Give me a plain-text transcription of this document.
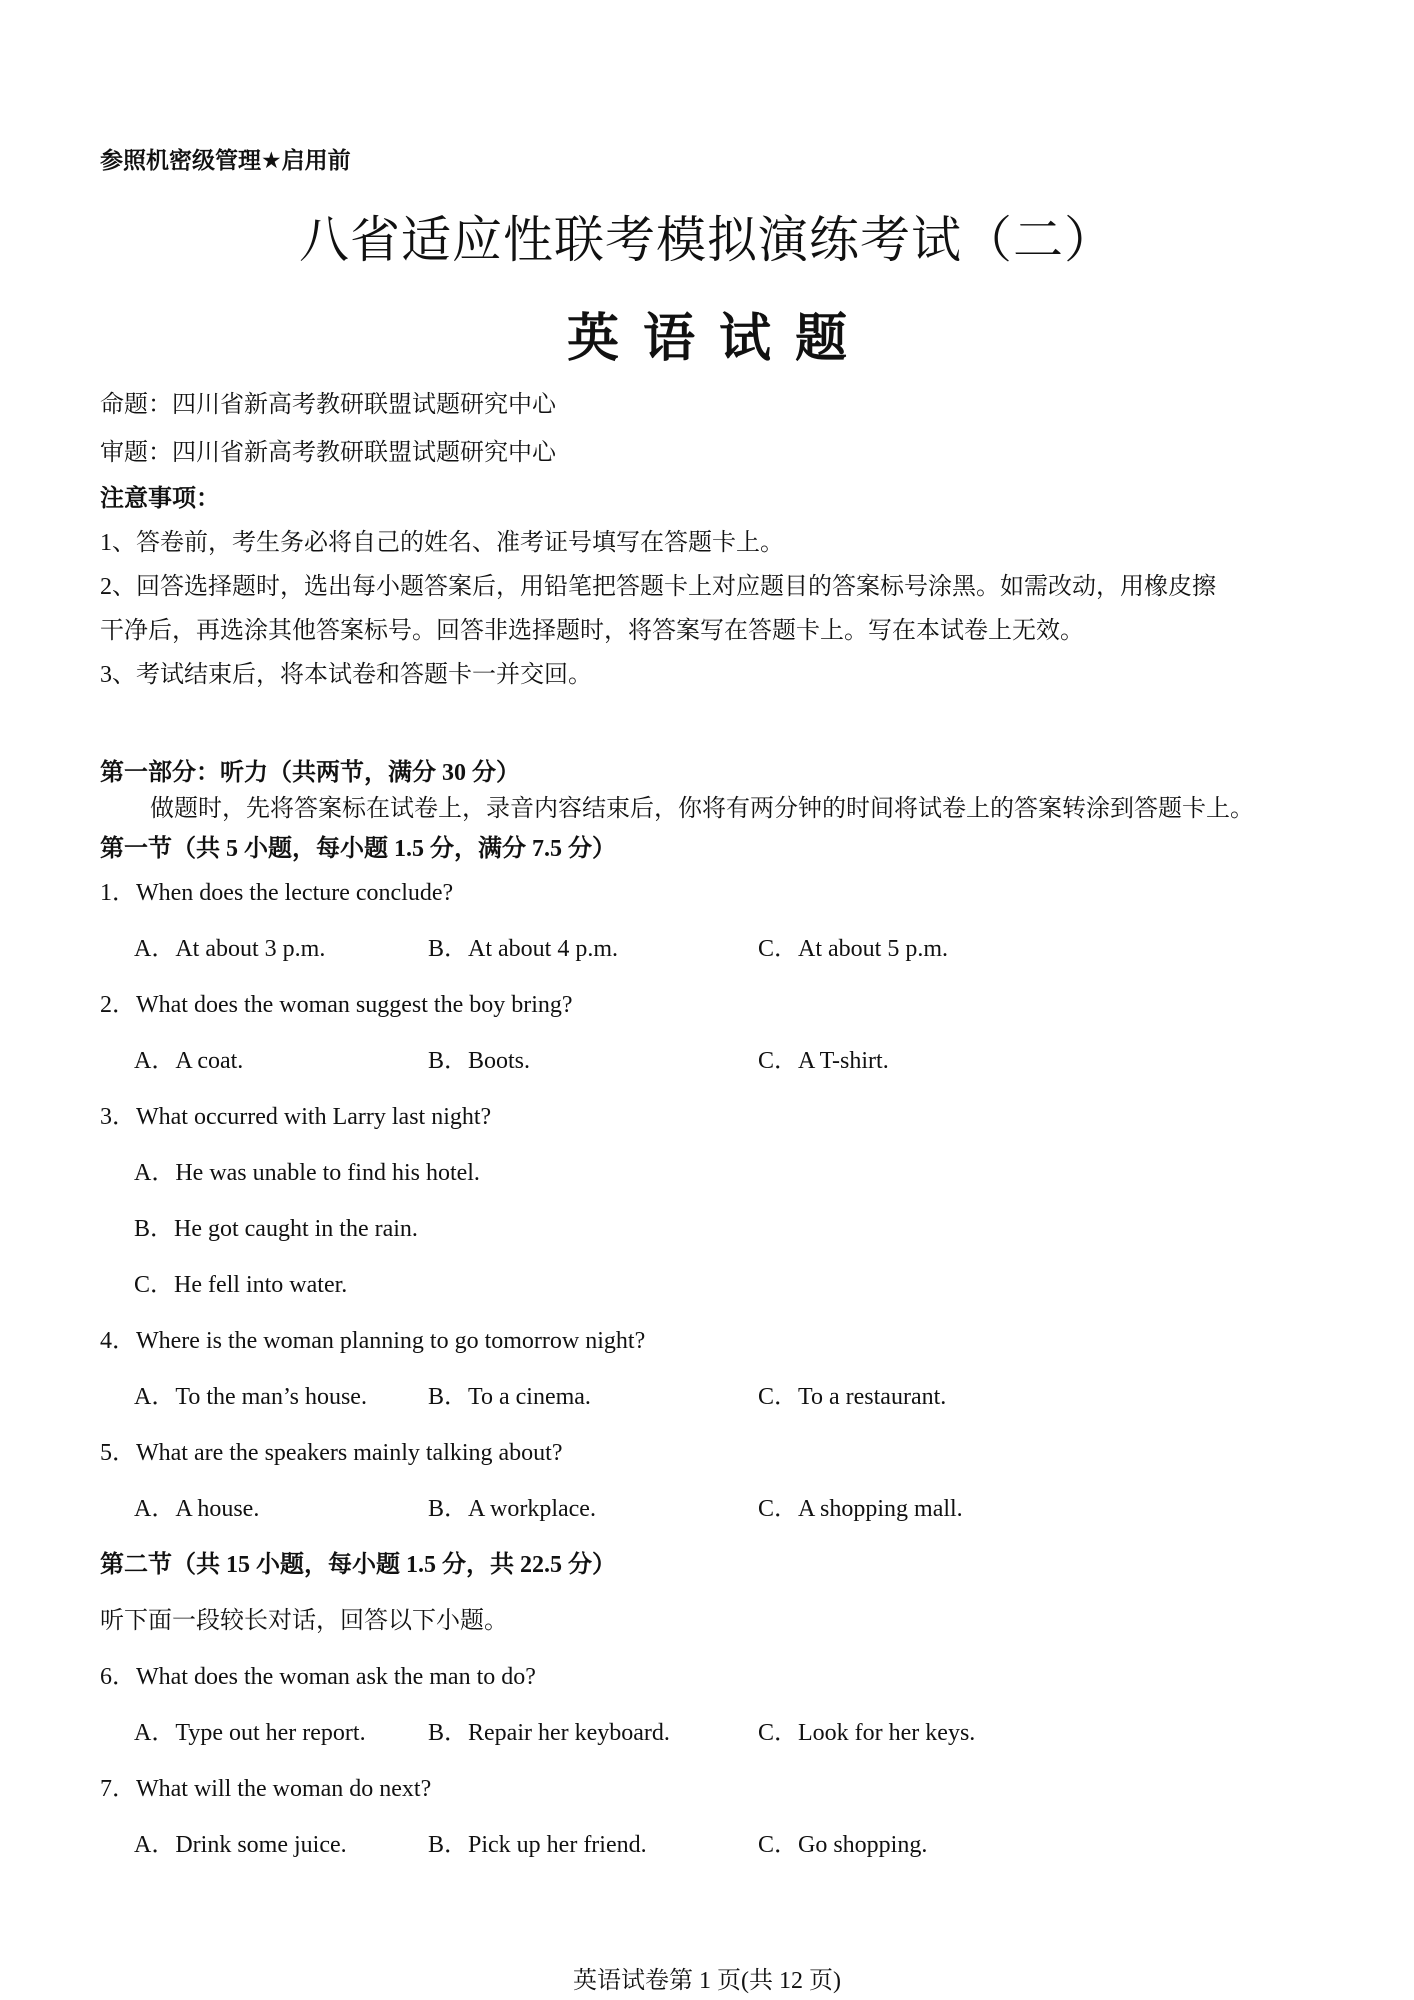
参照机密级管理★启用前
八省适应性联考模拟演练考试（二）
英语试题
命题：四川省新高考教研联盟试题研究中心
审题：四川省新高考教研联盟试题研究中心
注意事项：
1、答卷前，考生务必将自己的姓名、准考证号填写在答题卡上。
2、回答选择题时，选出每小题答案后，用铅笔把答题卡上对应题目的答案标号涂黑。如需改动，用橡皮擦
干净后，再选涂其他答案标号。回答非选择题时，将答案写在答题卡上。写在本试卷上无效。
3、考试结束后，将本试卷和答题卡一并交回。
第一部分：听力（共两节，满分 30 分）
做题时，先将答案标在试卷上，录音内容结束后，你将有两分钟的时间将试卷上的答案转涂到答题卡上。
第一节（共 5 小题，每小题 1.5 分，满分 7.5 分）
1．When does the lecture conclude?
A．At about 3 p.m.	B．At about 4 p.m.	C．At about 5 p.m.
2．What does the woman suggest the boy bring?
A．A coat.	B．Boots.	C．A T-shirt.
3．What occurred with Larry last night?
A．He was unable to find his hotel.
B．He got caught in the rain.
C．He fell into water.
4．Where is the woman planning to go tomorrow night?
A．To the man’s house.	B．To a cinema.	C．To a restaurant.
5．What are the speakers mainly talking about?
A．A house.	B．A workplace.	C．A shopping mall.
第二节（共 15 小题，每小题 1.5 分，共 22.5 分）
听下面一段较长对话，回答以下小题。
6．What does the woman ask the man to do?
A．Type out her report.	B．Repair her keyboard.	C．Look for her keys.
7．What will the woman do next?
A．Drink some juice.	B．Pick up her friend.	C．Go shopping.
英语试卷第 1 页(共 12 页)
